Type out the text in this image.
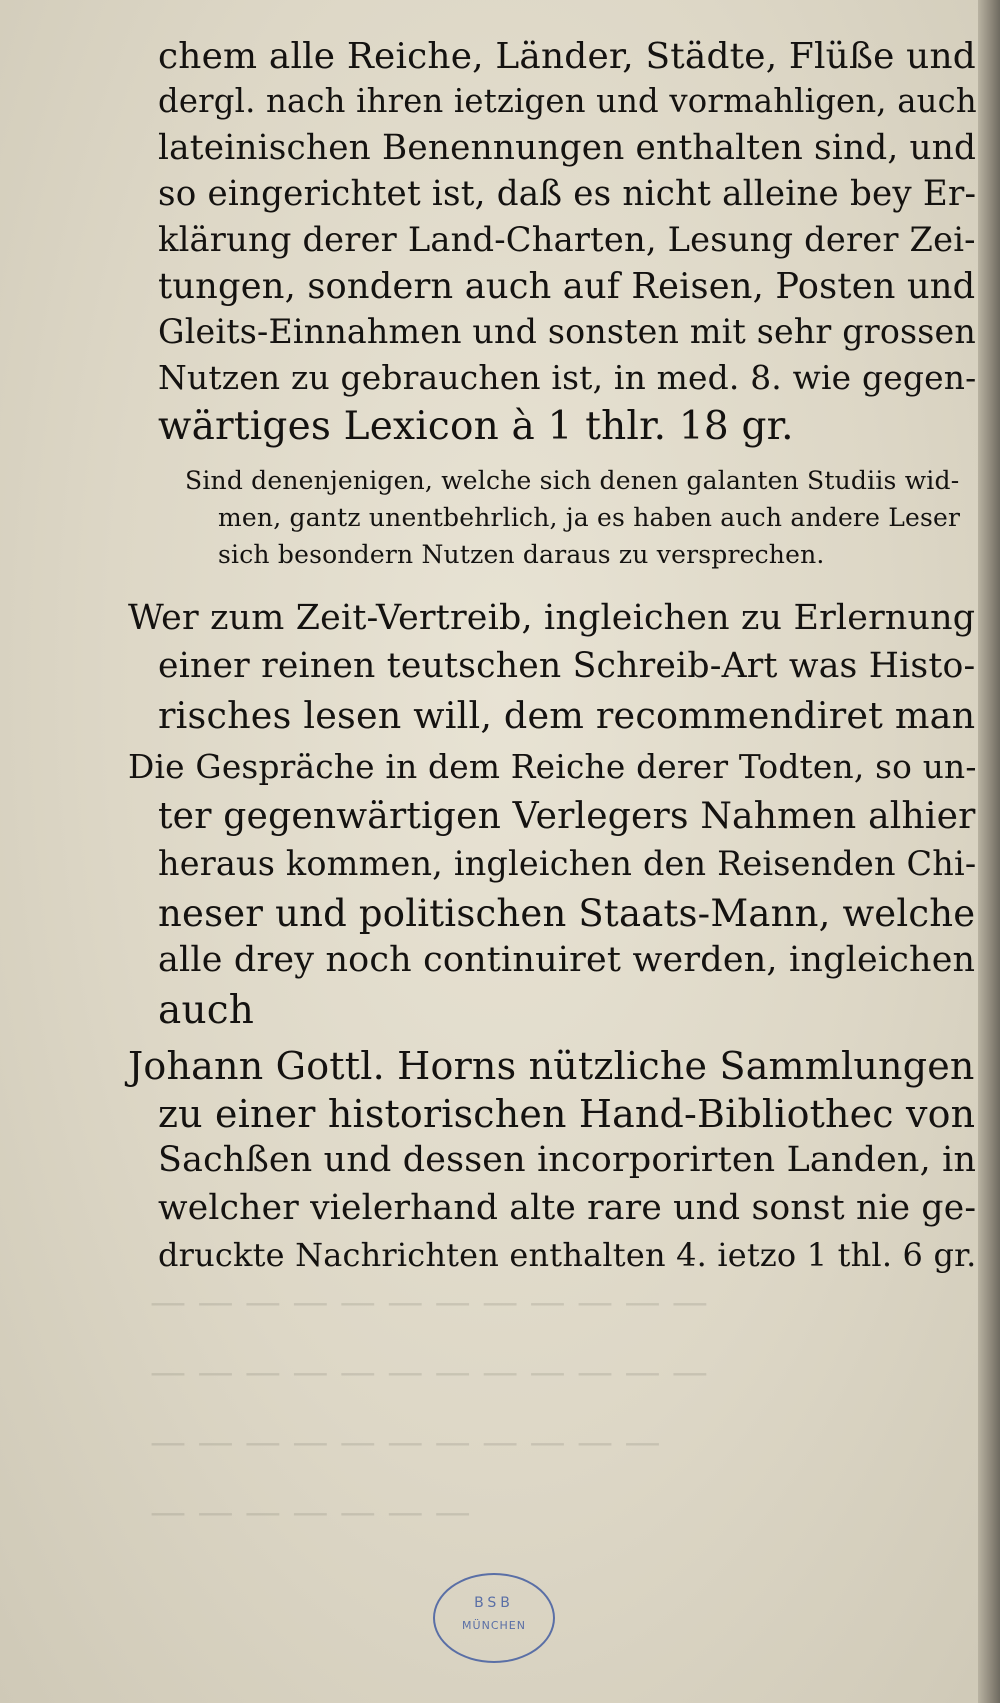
— — — — — — — — — — — —
— — — — — — — — — — — —
— — — — — — — — — — —
— — — — — — —
chem alle Reiche, Länder, Städte, Flüße und
dergl. nach ihren ietzigen und vormahligen, auch
lateinischen Benennungen enthalten sind, und
so eingerichtet ist, daß es nicht alleine bey Er-
klärung derer Land-Charten, Lesung derer Zei-
tungen, sondern auch auf Reisen, Posten und
Gleits-Einnahmen und sonsten mit sehr grossen
Nutzen zu gebrauchen ist, in med. 8. wie gegen-
wärtiges Lexicon à 1 thlr. 18 gr.
Sind denenjenigen, welche sich denen galanten Studiis wid-
men, gantz unentbehrlich, ja es haben auch andere Leser
sich besondern Nutzen daraus zu versprechen.
Wer zum Zeit-Vertreib, ingleichen zu Erlernung
einer reinen teutschen Schreib-Art was Histo-
risches lesen will, dem recommendiret man
Die Gespräche in dem Reiche derer Todten, so un-
ter gegenwärtigen Verlegers Nahmen alhier
heraus kommen, ingleichen den Reisenden Chi-
neser und politischen Staats-Mann, welche
alle drey noch continuiret werden, ingleichen
auch
Johann Gottl. Horns nützliche Sammlungen
zu einer historischen Hand-Bibliothec von
Sachßen und dessen incorporirten Landen, in
welcher vielerhand alte rare und sonst nie ge-
druckte Nachrichten enthalten 4. ietzo 1 thl. 6 gr.
BSB
MÜNCHEN
